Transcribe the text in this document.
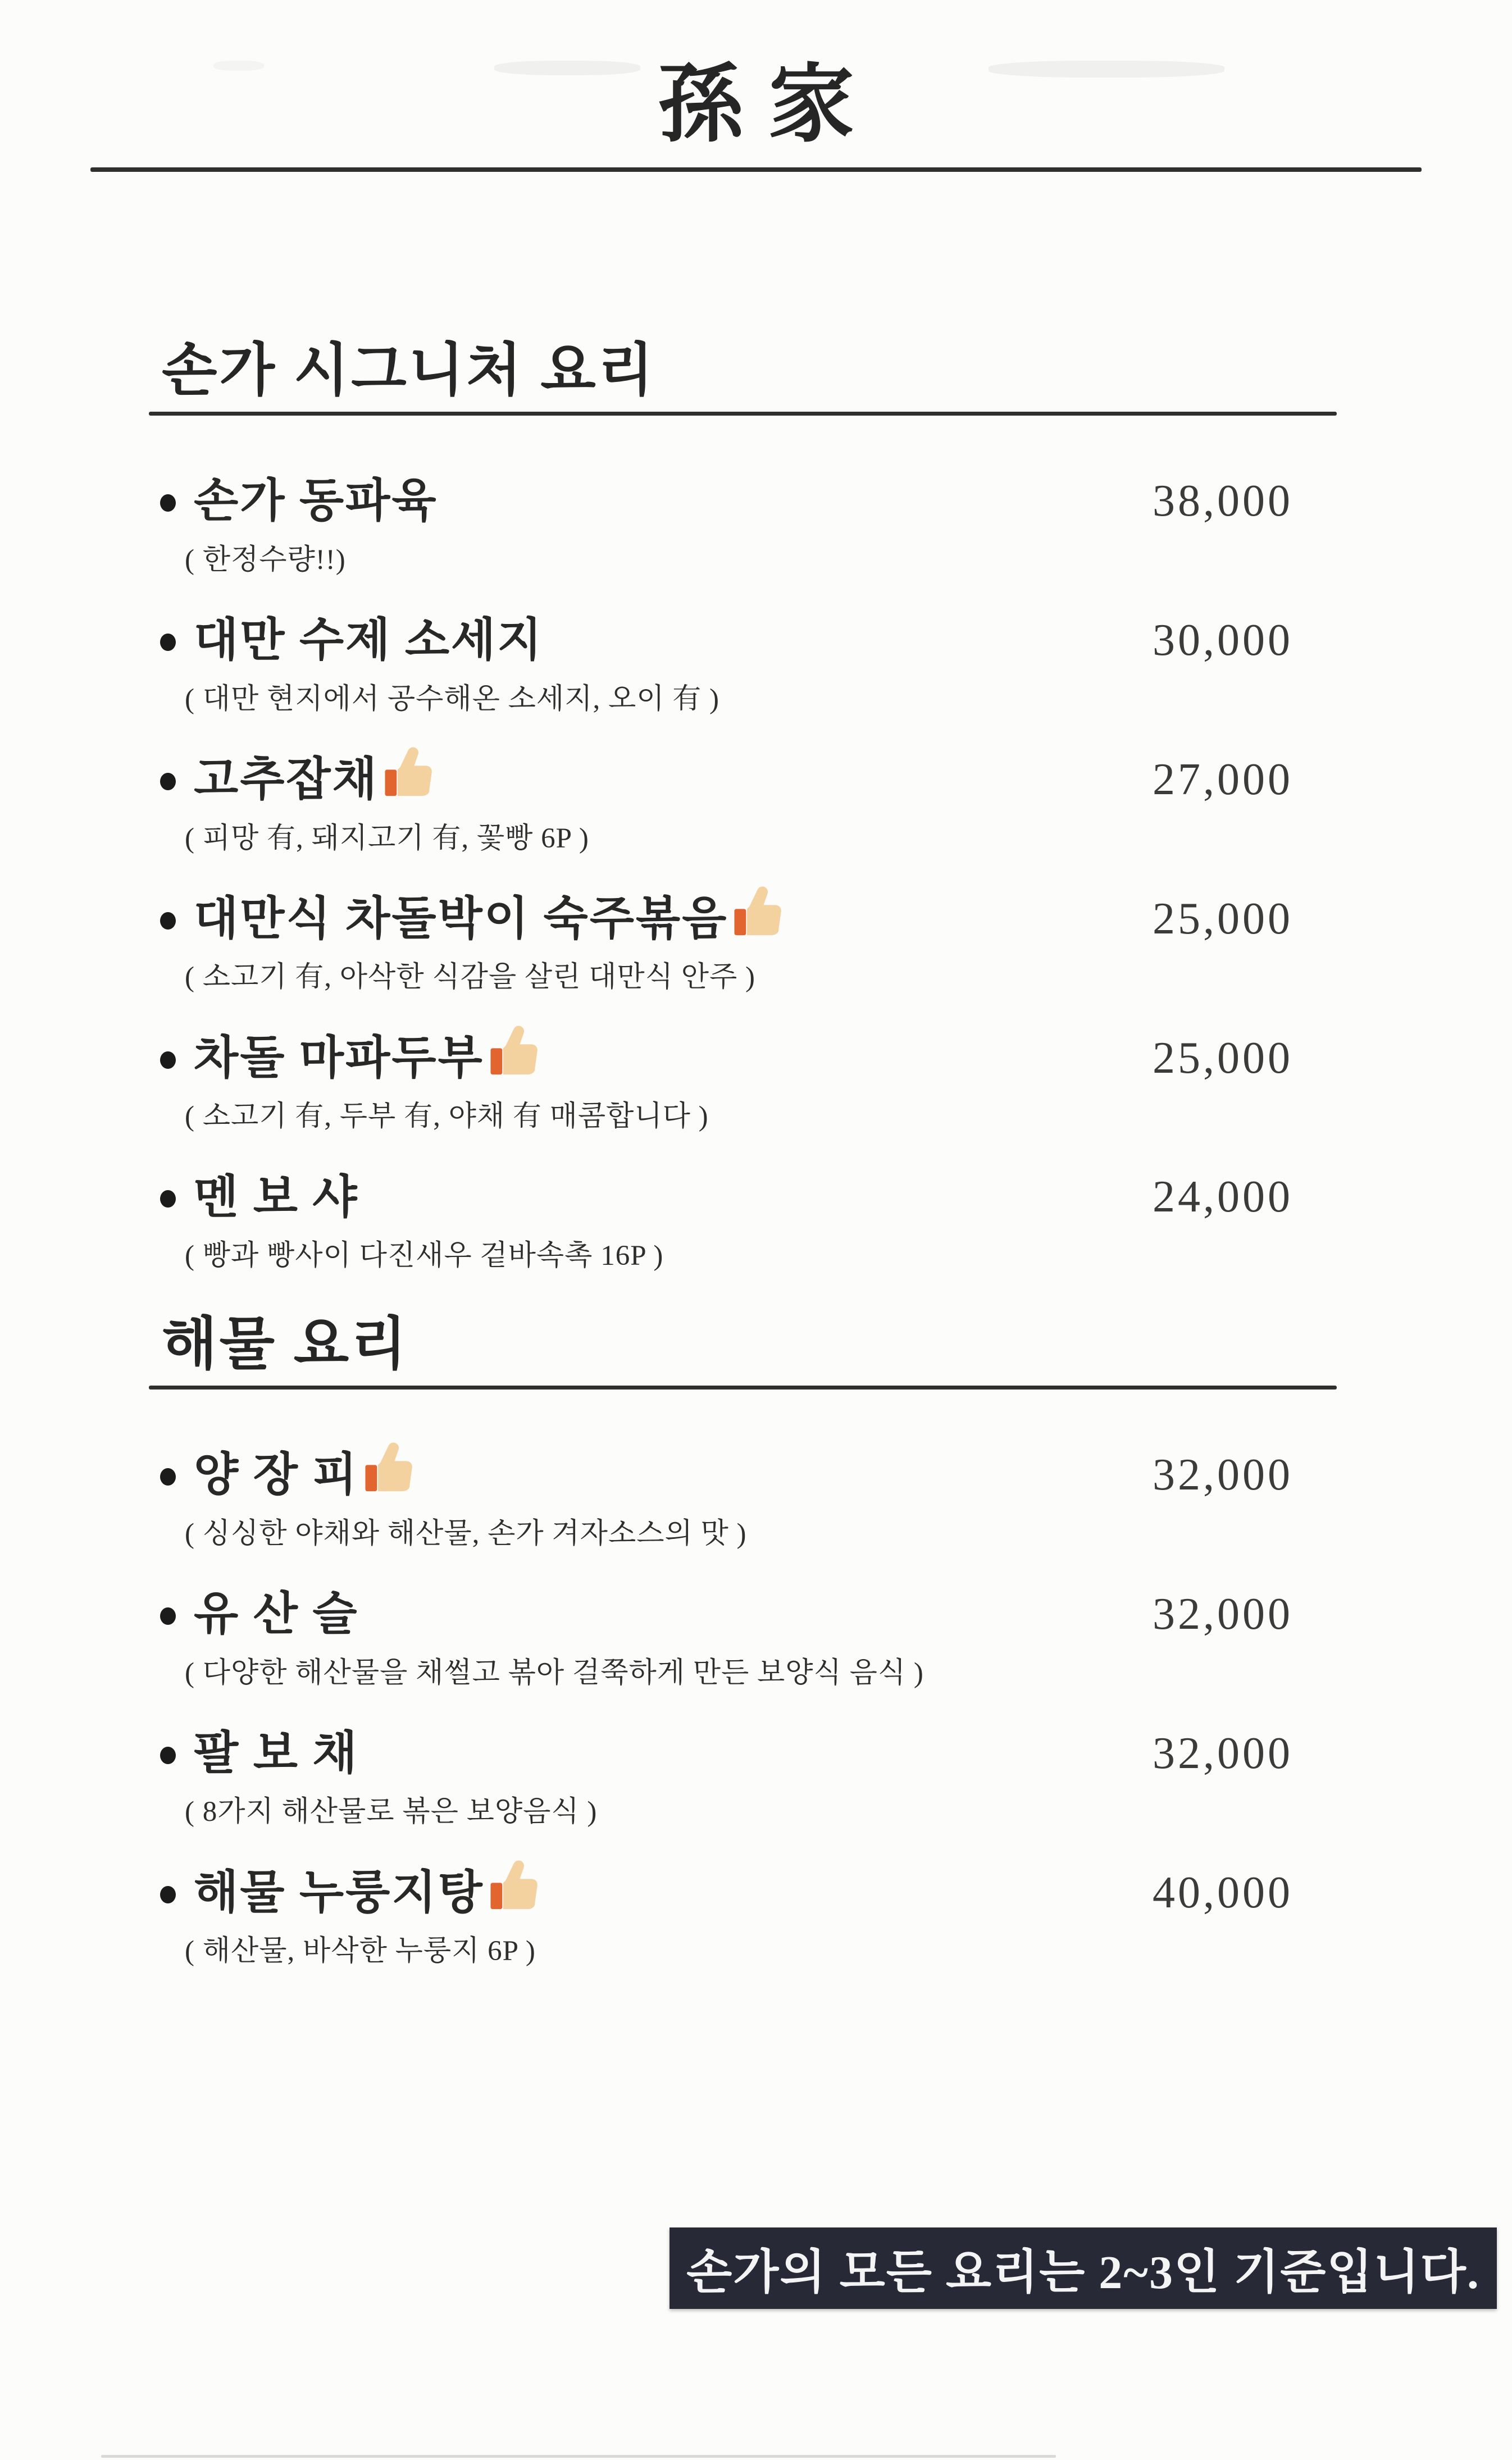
孫家
손가 시그니처 요리
손가 동파육	38,000
( 한정수량!!)
대만 수제 소세지	30,000
( 대만 현지에서 공수해온 소세지, 오이 有 )
고추잡채	27,000
( 피망 有, 돼지고기 有, 꽃빵 6P )
대만식 차돌박이 숙주볶음	25,000
( 소고기 有, 아삭한 식감을 살린 대만식 안주 )
차돌 마파두부	25,000
( 소고기 有, 두부 有, 야채 有 매콤합니다 )
멘 보 샤	24,000
( 빵과 빵사이 다진새우 겉바속촉 16P )
해물 요리
양 장 피	32,000
( 싱싱한 야채와 해산물, 손가 겨자소스의 맛 )
유 산 슬	32,000
( 다양한 해산물을 채썰고 볶아 걸쭉하게 만든 보양식 음식 )
팔 보 채	32,000
( 8가지 해산물로 볶은 보양음식 )
해물 누룽지탕	40,000
( 해산물, 바삭한 누룽지 6P )
손가의 모든 요리는 2~3인 기준입니다.
